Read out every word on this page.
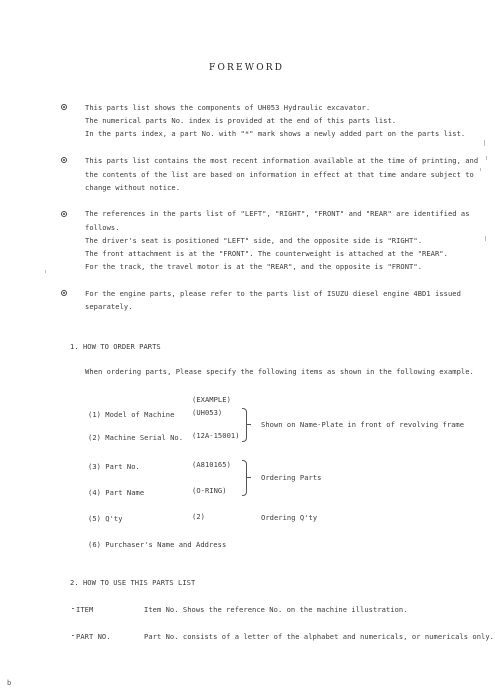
FOREWORD
This parts list shows the components of UH053 Hydraulic excavator.
The numerical parts No. index is provided at the end of this parts list.
In the parts index, a part No. with "*" mark shows a newly added part on the parts list.
This parts list contains the most recent information available at the time of printing, and
the contents of the list are based on information in effect at that time andare subject to
change without notice.
The references in the parts list of "LEFT", "RIGHT", "FRONT" and "REAR" are identified as
follows.
The driver's seat is positioned "LEFT" side, and the opposite side is "RIGHT".
The front attachment is at the "FRONT". The counterweight is attached at the "REAR".
For the track, the travel motor is at the "REAR", and the opposite is "FRONT".
For the engine parts, please refer to the parts list of ISUZU diesel engine 4BD1 issued
separately.
1. HOW TO ORDER PARTS
When ordering parts, Please specify the following items as shown in the following example.
(EXAMPLE)
(1) Model of Machine (UH053)
(2) Machine Serial No. (12A-15001)
Shown on Name-Plate in front of revolving frame
(3) Part No.	(A810165)
(4) Part Name	(O-RING)
Ordering Parts
(5) Q'ty	(2)	Ordering Q'ty
(6) Purchaser's Name and Address
2. HOW TO USE THIS PARTS LIST
ITEM	Item No. Shows the reference No. on the machine illustration.
PART NO.	Part No. consists of a letter of the alphabet and numericals, or numericals only.
b
